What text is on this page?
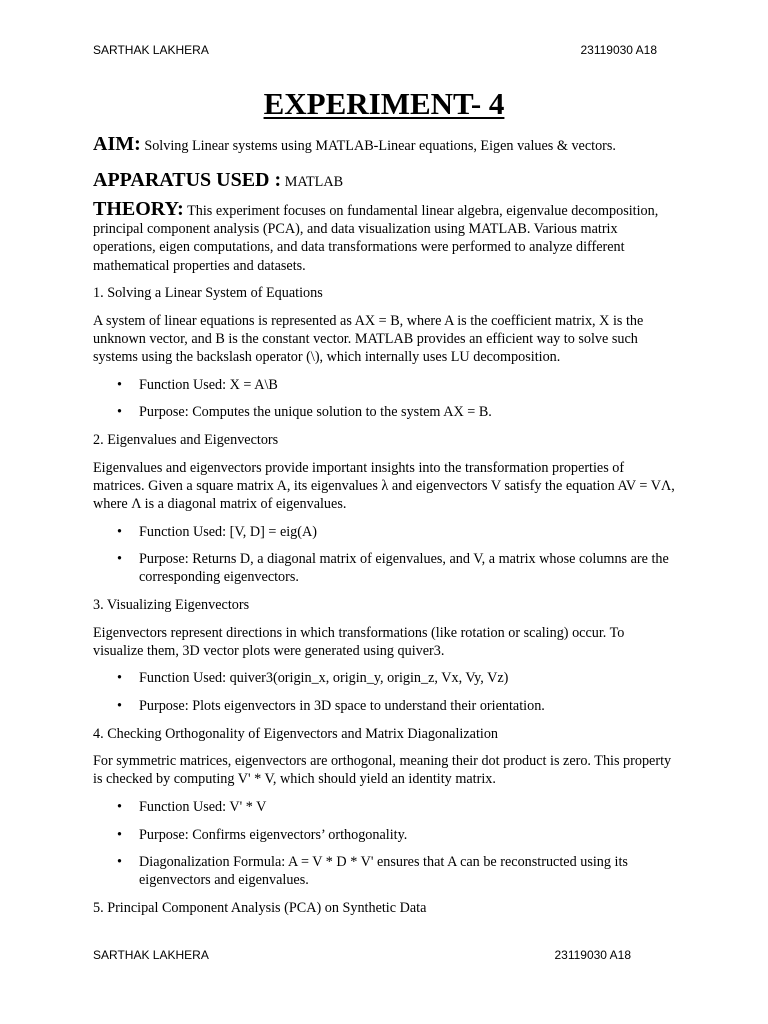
SARTHAK LAKHERA	23119030 A18
EXPERIMENT- 4

AIM: Solving Linear systems using MATLAB-Linear equations, Eigen values & vectors.

APPARATUS USED : MATLAB

THEORY: This experiment focuses on fundamental linear algebra, eigenvalue decomposition, principal component analysis (PCA), and data visualization using MATLAB. Various matrix operations, eigen computations, and data transformations were performed to analyze different mathematical properties and datasets.

1. Solving a Linear System of Equations

A system of linear equations is represented as AX = B, where A is the coefficient matrix, X is the unknown vector, and B is the constant vector. MATLAB provides an efficient way to solve such systems using the backslash operator (\), which internally uses LU decomposition.

• Function Used: X = A\B
• Purpose: Computes the unique solution to the system AX = B.

2. Eigenvalues and Eigenvectors

Eigenvalues and eigenvectors provide important insights into the transformation properties of matrices. Given a square matrix A, its eigenvalues λ and eigenvectors V satisfy the equation AV = VΛ, where Λ is a diagonal matrix of eigenvalues.

• Function Used: [V, D] = eig(A)
• Purpose: Returns D, a diagonal matrix of eigenvalues, and V, a matrix whose columns are the corresponding eigenvectors.

3. Visualizing Eigenvectors

Eigenvectors represent directions in which transformations (like rotation or scaling) occur. To visualize them, 3D vector plots were generated using quiver3.

• Function Used: quiver3(origin_x, origin_y, origin_z, Vx, Vy, Vz)
• Purpose: Plots eigenvectors in 3D space to understand their orientation.

4. Checking Orthogonality of Eigenvectors and Matrix Diagonalization

For symmetric matrices, eigenvectors are orthogonal, meaning their dot product is zero. This property is checked by computing V' * V, which should yield an identity matrix.

• Function Used: V' * V
• Purpose: Confirms eigenvectors’ orthogonality.
• Diagonalization Formula: A = V * D * V' ensures that A can be reconstructed using its eigenvectors and eigenvalues.

5. Principal Component Analysis (PCA) on Synthetic Data

SARTHAK LAKHERA	23119030 A18
